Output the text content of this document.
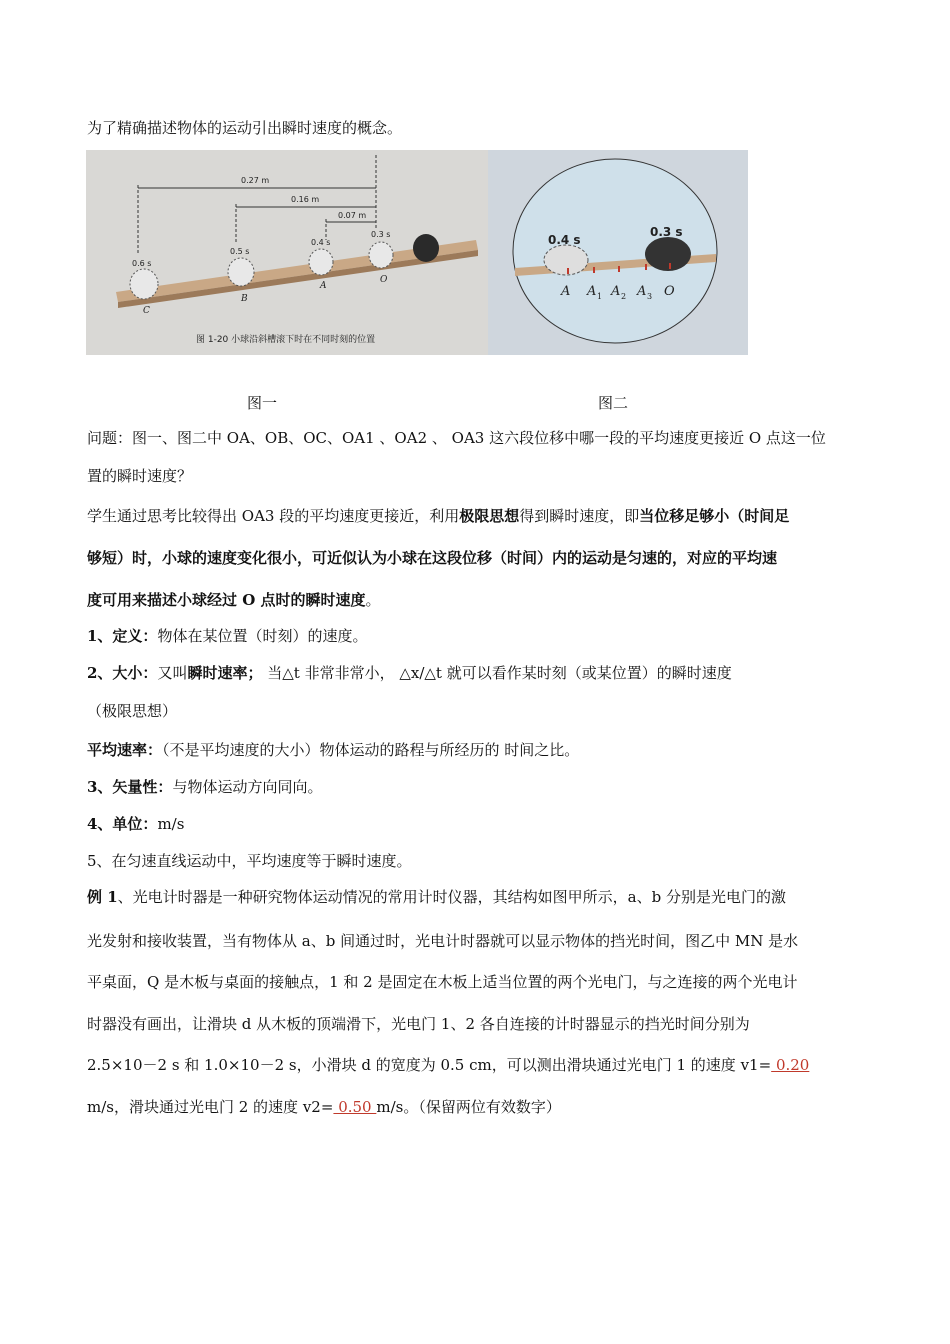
为了精确描述物体的运动引出瞬时速度的概念。
0.27 m
0.16 m
0.07 m
0.6 s
0.5 s
0.4 s
0.3 s
C
B
A
O
图 1-20 小球沿斜槽滚下时在不同时刻的位置
0.4 s
0.3 s
A A 1 A 2 A 3 O
图一	图二
问题：图一、图二中 OA、OB、OC、OA1 、OA2 、 OA3 这六段位移中哪一段的平均速度更接近 O 点这一位
置的瞬时速度？
学生通过思考比较得出 OA3 段的平均速度更接近，利用极限思想得到瞬时速度，即当位移足够小（时间足
够短）时，小球的速度变化很小，可近似认为小球在这段位移（时间）内的运动是匀速的，对应的平均速
度可用来描述小球经过 O 点时的瞬时速度。
1、定义：物体在某位置（时刻）的速度。
2、大小：又叫瞬时速率； 当△t 非常非常小， △x/△t 就可以看作某时刻（或某位置）的瞬时速度
（极限思想）
平均速率：（不是平均速度的大小）物体运动的路程与所经历的 时间之比。
3、矢量性：与物体运动方向同向。
4、单位：m/s
5、在匀速直线运动中，平均速度等于瞬时速度。
例 1、光电计时器是一种研究物体运动情况的常用计时仪器，其结构如图甲所示，a、b 分别是光电门的激
光发射和接收装置，当有物体从 a、b 间通过时，光电计时器就可以显示物体的挡光时间，图乙中 MN 是水
平桌面，Q 是木板与桌面的接触点，1 和 2 是固定在木板上适当位置的两个光电门，与之连接的两个光电计
时器没有画出，让滑块 d 从木板的顶端滑下，光电门 1、2 各自连接的计时器显示的挡光时间分别为
2.5×10－2 s 和 1.0×10－2 s，小滑块 d 的宽度为 0.5 cm，可以测出滑块通过光电门 1 的速度 v1= 0.20
m/s，滑块通过光电门 2 的速度 v2= 0.50 m/s。（保留两位有效数字）
